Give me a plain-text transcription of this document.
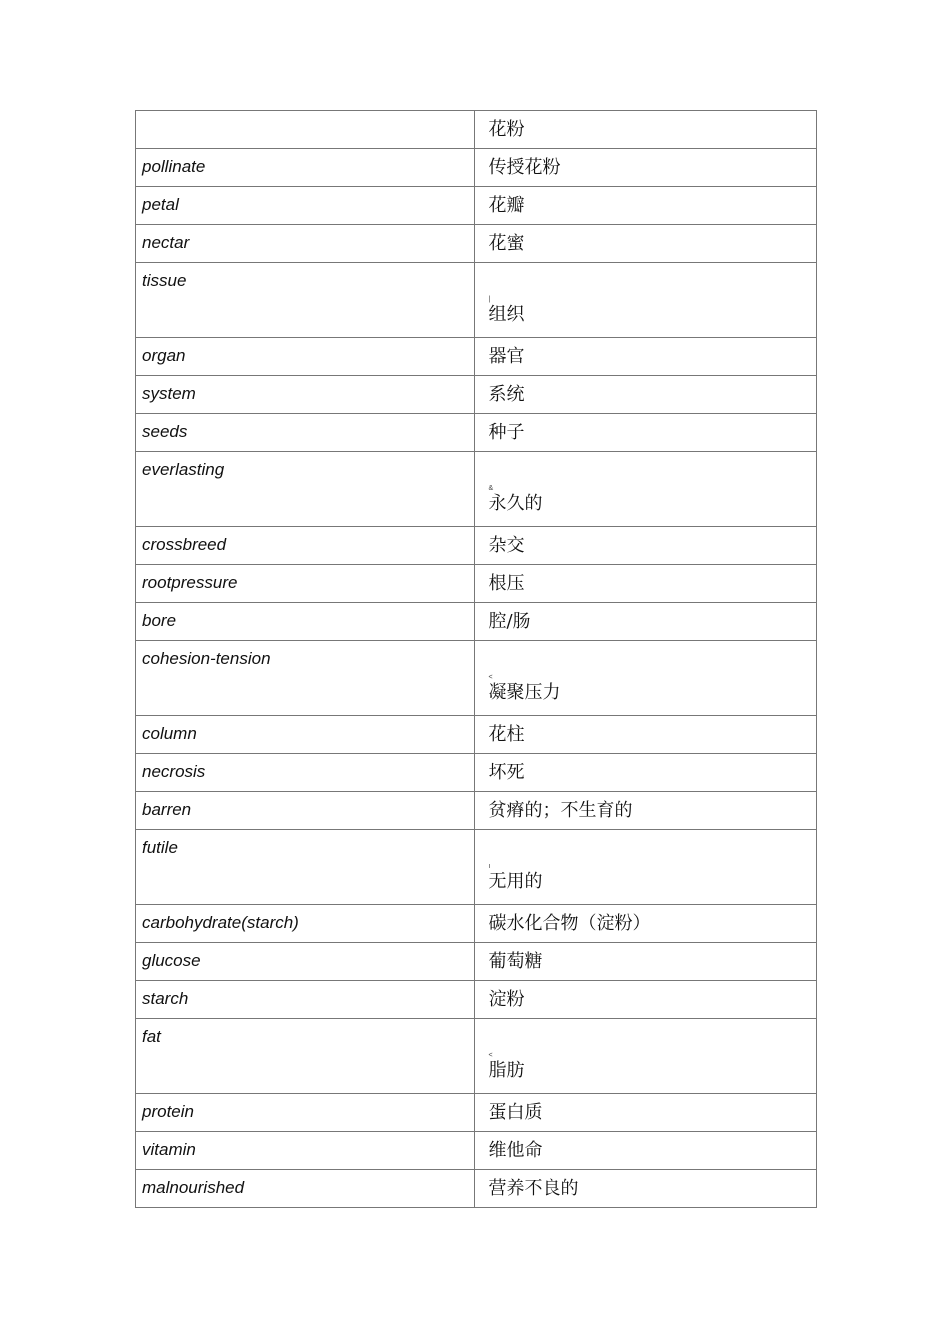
	花粉

pollinate	传授花粉

petal	花瓣

nectar	花蜜

tissue	|
组织

organ	器官

system	系统

seeds	种子

everlasting	&
永久的

crossbreed	杂交

rootpressure	根压

bore	腔/肠

cohesion-tension	<
凝聚压力

column	花柱

necrosis	坏死

barren	贫瘠的；不生育的

futile	ı
无用的

carbohydrate(starch)	碳水化合物（淀粉）

glucose	葡萄糖

starch	淀粉

fat	<
脂肪

protein	蛋白质

vitamin	维他命

malnourished	营养不良的
